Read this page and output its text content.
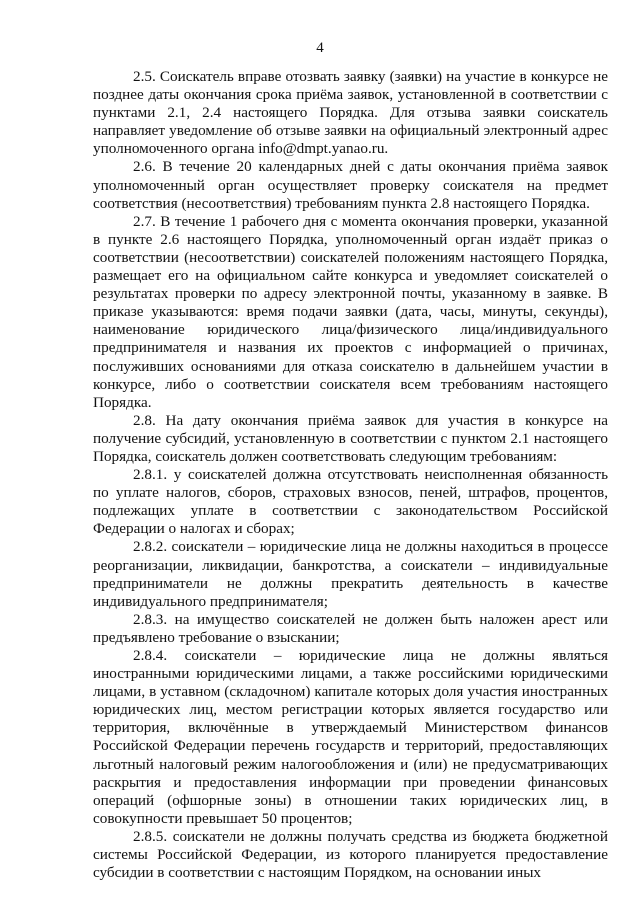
4

2.5. Соискатель вправе отозвать заявку (заявки) на участие в конкурсе не позднее даты окончания срока приёма заявок, установленной в соответствии с пунктами 2.1, 2.4 настоящего Порядка. Для отзыва заявки соискатель направляет уведомление об отзыве заявки на официальный электронный адрес уполномоченного органа info@dmpt.yanao.ru.

2.6. В течение 20 календарных дней с даты окончания приёма заявок уполномоченный орган осуществляет проверку соискателя на предмет соответствия (несоответствия) требованиям пункта 2.8 настоящего Порядка.

2.7. В течение 1 рабочего дня с момента окончания проверки, указанной в пункте 2.6 настоящего Порядка, уполномоченный орган издаёт приказ о соответствии (несоответствии) соискателей положениям настоящего Порядка, размещает его на официальном сайте конкурса и уведомляет соискателей о результатах проверки по адресу электронной почты, указанному в заявке. В приказе указываются: время подачи заявки (дата, часы, минуты, секунды), наименование юридического лица/физического лица/индивидуального предпринимателя и названия их проектов с информацией о причинах, послуживших основаниями для отказа соискателю в дальнейшем участии в конкурсе, либо о соответствии соискателя всем требованиям настоящего Порядка.

2.8. На дату окончания приёма заявок для участия в конкурсе на получение субсидий, установленную в соответствии с пунктом 2.1 настоящего Порядка, соискатель должен соответствовать следующим требованиям:

2.8.1. у соискателей должна отсутствовать неисполненная обязанность по уплате налогов, сборов, страховых взносов, пеней, штрафов, процентов, подлежащих уплате в соответствии с законодательством Российской Федерации о налогах и сборах;

2.8.2. соискатели – юридические лица не должны находиться в процессе реорганизации, ликвидации, банкротства, а соискатели – индивидуальные предприниматели не должны прекратить деятельность в качестве индивидуального предпринимателя;

2.8.3. на имущество соискателей не должен быть наложен арест или предъявлено требование о взыскании;

2.8.4. соискатели – юридические лица не должны являться иностранными юридическими лицами, а также российскими юридическими лицами, в уставном (складочном) капитале которых доля участия иностранных юридических лиц, местом регистрации которых является государство или территория, включённые в утверждаемый Министерством финансов Российской Федерации перечень государств и территорий, предоставляющих льготный налоговый режим налогообложения и (или) не предусматривающих раскрытия и предоставления информации при проведении финансовых операций (офшорные зоны) в отношении таких юридических лиц, в совокупности превышает 50 процентов;

2.8.5. соискатели не должны получать средства из бюджета бюджетной системы Российской Федерации, из которого планируется предоставление субсидии в соответствии с настоящим Порядком, на основании иных
